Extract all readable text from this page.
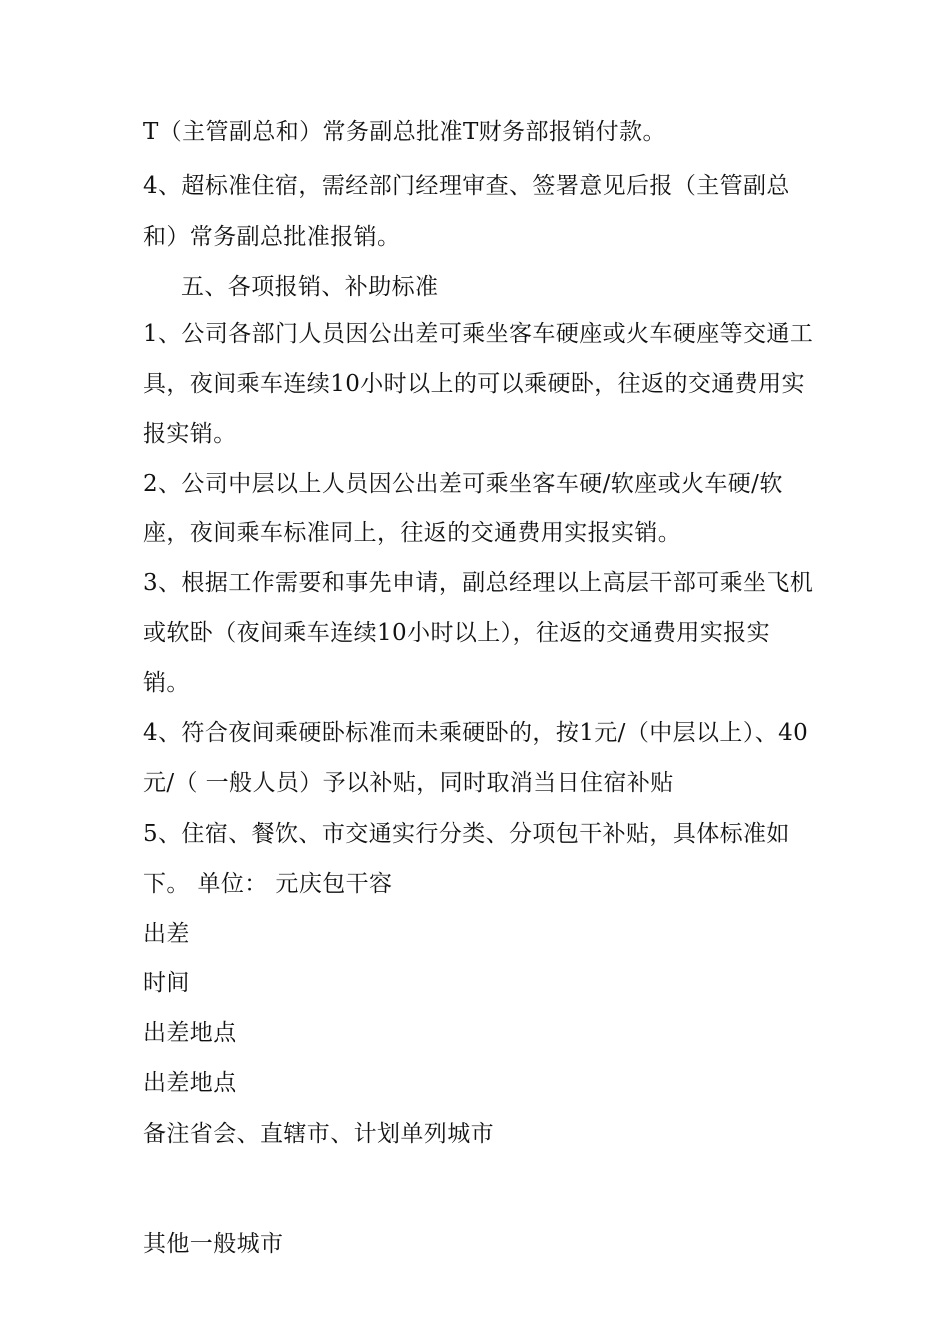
T（主管副总和）常务副总批准T财务部报销付款。
4、超标准住宿，需经部门经理审查、签署意见后报（主管副总
和）常务副总批准报销。
五、各项报销、补助标准
1、公司各部门人员因公出差可乘坐客车硬座或火车硬座等交通工
具，夜间乘车连续10小时以上的可以乘硬卧，往返的交通费用实
报实销。
2、公司中层以上人员因公出差可乘坐客车硬/软座或火车硬/软
座，夜间乘车标准同上，往返的交通费用实报实销。
3、根据工作需要和事先申请，副总经理以上高层干部可乘坐飞机
或软卧（夜间乘车连续10小时以上），往返的交通费用实报实
销。
4、符合夜间乘硬卧标准而未乘硬卧的，按1元/（中层以上）、40
元/（ 一般人员）予以补贴，同时取消当日住宿补贴
5、住宿、餐饮、市交通实行分类、分项包干补贴，具体标准如
下。 单位： 元庆包干容
出差
时间
出差地点
出差地点
备注省会、直辖市、计划单列城市
其他一般城市
